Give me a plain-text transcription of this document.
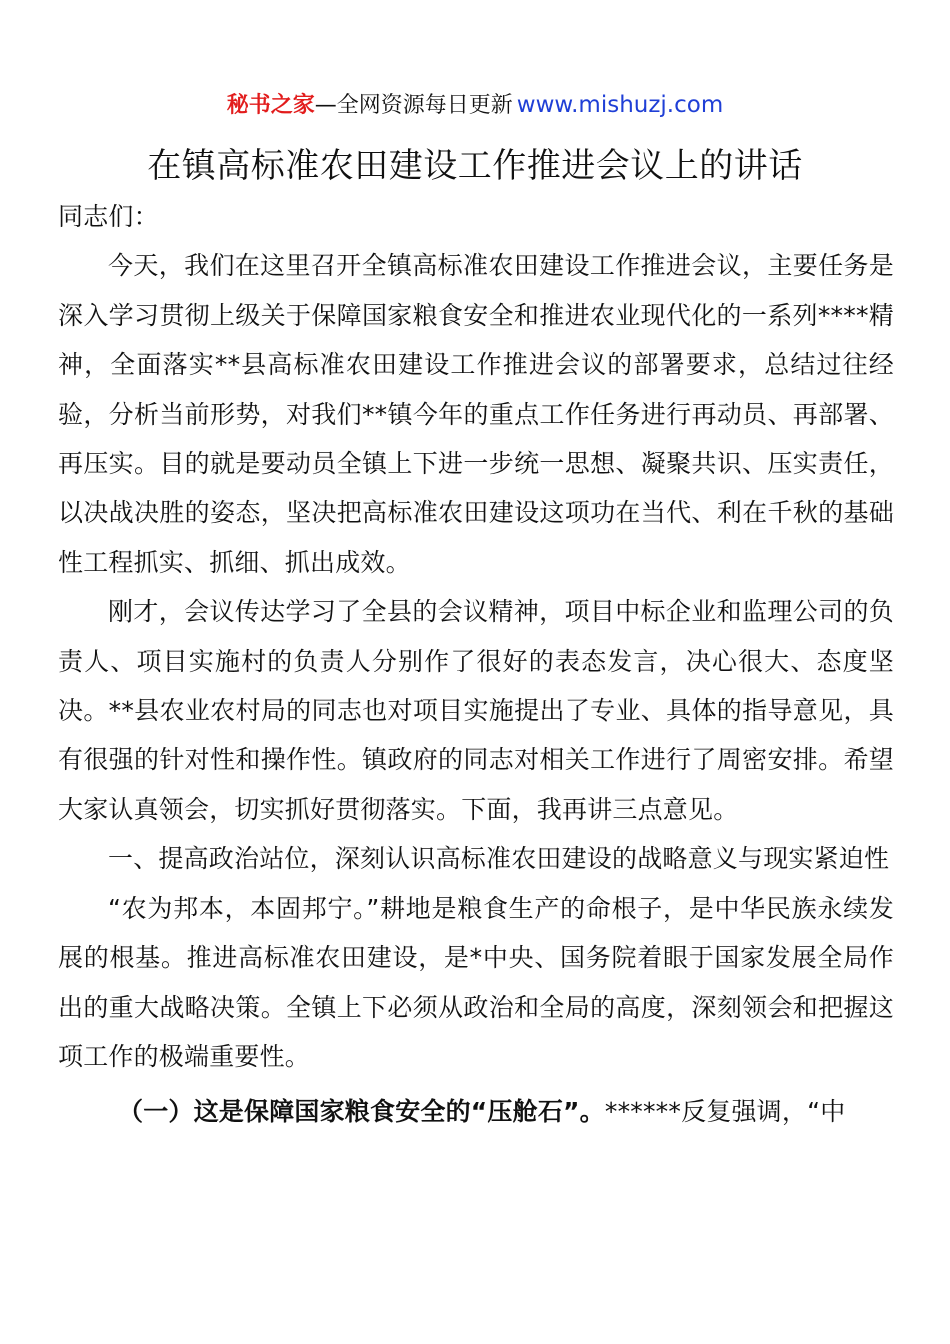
秘书之家—全网资源每日更新 www.mishuzj.com
在镇高标准农田建设工作推进会议上的讲话

同志们：

今天，我们在这里召开全镇高标准农田建设工作推进会议，主要任务是深入学习贯彻上级关于保障国家粮食安全和推进农业现代化的一系列****精神，全面落实**县高标准农田建设工作推进会议的部署要求，总结过往经验，分析当前形势，对我们**镇今年的重点工作任务进行再动员、再部署、再压实。目的就是要动员全镇上下进一步统一思想、凝聚共识、压实责任，以决战决胜的姿态，坚决把高标准农田建设这项功在当代、利在千秋的基础性工程抓实、抓细、抓出成效。

刚才，会议传达学习了全县的会议精神，项目中标企业和监理公司的负责人、项目实施村的负责人分别作了很好的表态发言，决心很大、态度坚决。**县农业农村局的同志也对项目实施提出了专业、具体的指导意见，具有很强的针对性和操作性。镇政府的同志对相关工作进行了周密安排。希望大家认真领会，切实抓好贯彻落实。下面，我再讲三点意见。

一、提高政治站位，深刻认识高标准农田建设的战略意义与现实紧迫性

“农为邦本，本固邦宁。”耕地是粮食生产的命根子，是中华民族永续发展的根基。推进高标准农田建设，是*中央、国务院着眼于国家发展全局作出的重大战略决策。全镇上下必须从政治和全局的高度，深刻领会和把握这项工作的极端重要性。

（一）这是保障国家粮食安全的“压舱石”。******反复强调，“中
